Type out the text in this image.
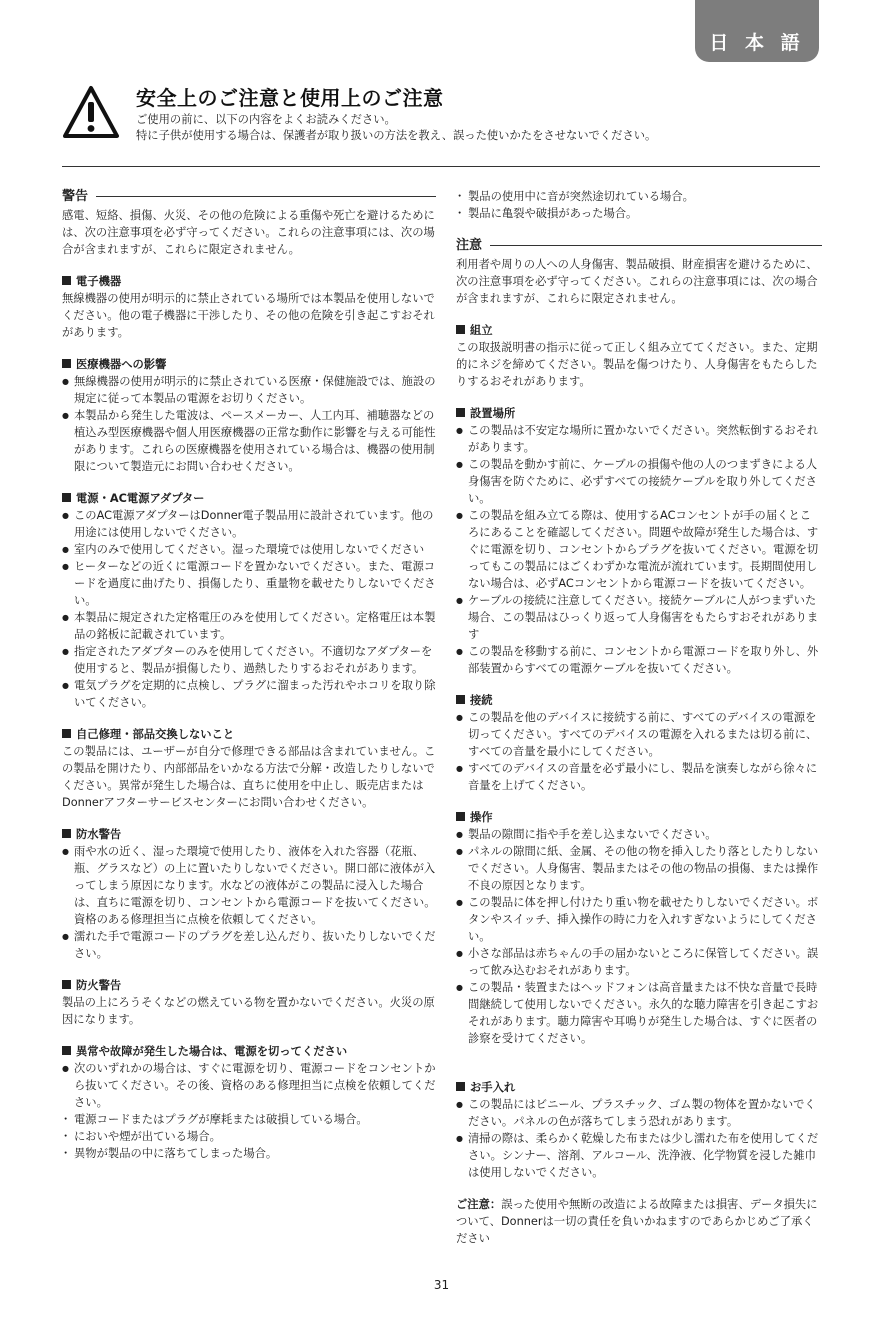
日 本 語
安全上のご注意と使用上のご注意

ご使用の前に、以下の内容をよくお読みください。

特に子供が使用する場合は、保護者が取り扱いの方法を教え、誤った使いかたをさせないでください。

警告

感電、短絡、損傷、火災、その他の危険による重傷や死亡を避けるためには、次の注意事項を必ず守ってください。これらの注意事項には、次の場合が含まれますが、これらに限定されません。

電子機器

無線機器の使用が明示的に禁止されている場所では本製品を使用しないでください。他の電子機器に干渉したり、その他の危険を引き起こすおそれがあります。

医療機器への影響
● 無線機器の使用が明示的に禁止されている医療・保健施設では、施設の規定に従って本製品の電源をお切りください。
● 本製品から発生した電波は、ペースメーカー、人工内耳、補聴器などの植込み型医療機器や個人用医療機器の正常な動作に影響を与える可能性があります。これらの医療機器を使用されている場合は、機器の使用制限について製造元にお問い合わせください。
電源・AC電源アダプター
● このAC電源アダプターはDonner電子製品用に設計されています。他の用途には使用しないでください。
● 室内のみで使用してください。湿った環境では使用しないでください
● ヒーターなどの近くに電源コードを置かないでください。また、電源コードを過度に曲げたり、損傷したり、重量物を載せたりしないでください。
● 本製品に規定された定格電圧のみを使用してください。定格電圧は本製品の銘板に記載されています。
● 指定されたアダプターのみを使用してください。不適切なアダプターを使用すると、製品が損傷したり、過熱したりするおそれがあります。
● 電気プラグを定期的に点検し、プラグに溜まった汚れやホコリを取り除いてください。
自己修理・部品交換しないこと

この製品には、ユーザーが自分で修理できる部品は含まれていません。この製品を開けたり、内部部品をいかなる方法で分解・改造したりしないでください。異常が発生した場合は、直ちに使用を中止し、販売店またはDonnerアフターサービスセンターにお問い合わせください。

防水警告
● 雨や水の近く、湿った環境で使用したり、液体を入れた容器（花瓶、瓶、グラスなど）の上に置いたりしないでください。開口部に液体が入ってしまう原因になります。水などの液体がこの製品に浸入した場合は、直ちに電源を切り、コンセントから電源コードを抜いてください。資格のある修理担当に点検を依頼してください。
● 濡れた手で電源コードのプラグを差し込んだり、抜いたりしないでください。
防火警告

製品の上にろうそくなどの燃えている物を置かないでください。火災の原因になります。

異常や故障が発生した場合は、電源を切ってください
● 次のいずれかの場合は、すぐに電源を切り、電源コードをコンセントから抜いてください。その後、資格のある修理担当に点検を依頼してください。
・ 電源コードまたはプラグが摩耗または破損している場合。
・ においや煙が出ている場合。
・ 異物が製品の中に落ちてしまった場合。
・ 製品の使用中に音が突然途切れている場合。
・ 製品に亀裂や破損があった場合。
注意

利用者や周りの人への人身傷害、製品破損、財産損害を避けるために、次の注意事項を必ず守ってください。これらの注意事項には、次の場合が含まれますが、これらに限定されません。

組立

この取扱説明書の指示に従って正しく組み立ててください。また、定期的にネジを締めてください。製品を傷つけたり、人身傷害をもたらしたりするおそれがあります。

設置場所
● この製品は不安定な場所に置かないでください。突然転倒するおそれがあります。
● この製品を動かす前に、ケーブルの損傷や他の人のつまずきによる人身傷害を防ぐために、必ずすべての接続ケーブルを取り外してください。
● この製品を組み立てる際は、使用するACコンセントが手の届くところにあることを確認してください。問題や故障が発生した場合は、すぐに電源を切り、コンセントからプラグを抜いてください。電源を切ってもこの製品にはごくわずかな電流が流れています。長期間使用しない場合は、必ずACコンセントから電源コードを抜いてください。
● ケーブルの接続に注意してください。接続ケーブルに人がつまずいた場合、この製品はひっくり返って人身傷害をもたらすおそれがあります
● この製品を移動する前に、コンセントから電源コードを取り外し、外部装置からすべての電源ケーブルを抜いてください。
接続
● この製品を他のデバイスに接続する前に、すべてのデバイスの電源を切ってください。すべてのデバイスの電源を入れるまたは切る前に、すべての音量を最小にしてください。
● すべてのデバイスの音量を必ず最小にし、製品を演奏しながら徐々に音量を上げてください。
操作
● 製品の隙間に指や手を差し込まないでください。
● パネルの隙間に紙、金属、その他の物を挿入したり落としたりしないでください。人身傷害、製品またはその他の物品の損傷、または操作不良の原因となります。
● この製品に体を押し付けたり重い物を載せたりしないでください。ボタンやスイッチ、挿入操作の時に力を入れすぎないようにしてください。
● 小さな部品は赤ちゃんの手の届かないところに保管してください。誤って飲み込むおそれがあります。
● この製品・装置またはヘッドフォンは高音量または不快な音量で長時間継続して使用しないでください。永久的な聴力障害を引き起こすおそれがあります。聴力障害や耳鳴りが発生した場合は、すぐに医者の診察を受けてください。
お手入れ
● この製品にはビニール、プラスチック、ゴム製の物体を置かないでください。パネルの色が落ちてしまう恐れがあります。
● 清掃の際は、柔らかく乾燥した布または少し濡れた布を使用してください。シンナー、溶剤、アルコール、洗浄液、化学物質を浸した雑巾は使用しないでください。

ご注意：誤った使用や無断の改造による故障または損害、データ損失について、Donnerは一切の責任を負いかねますのであらかじめご了承ください

31
